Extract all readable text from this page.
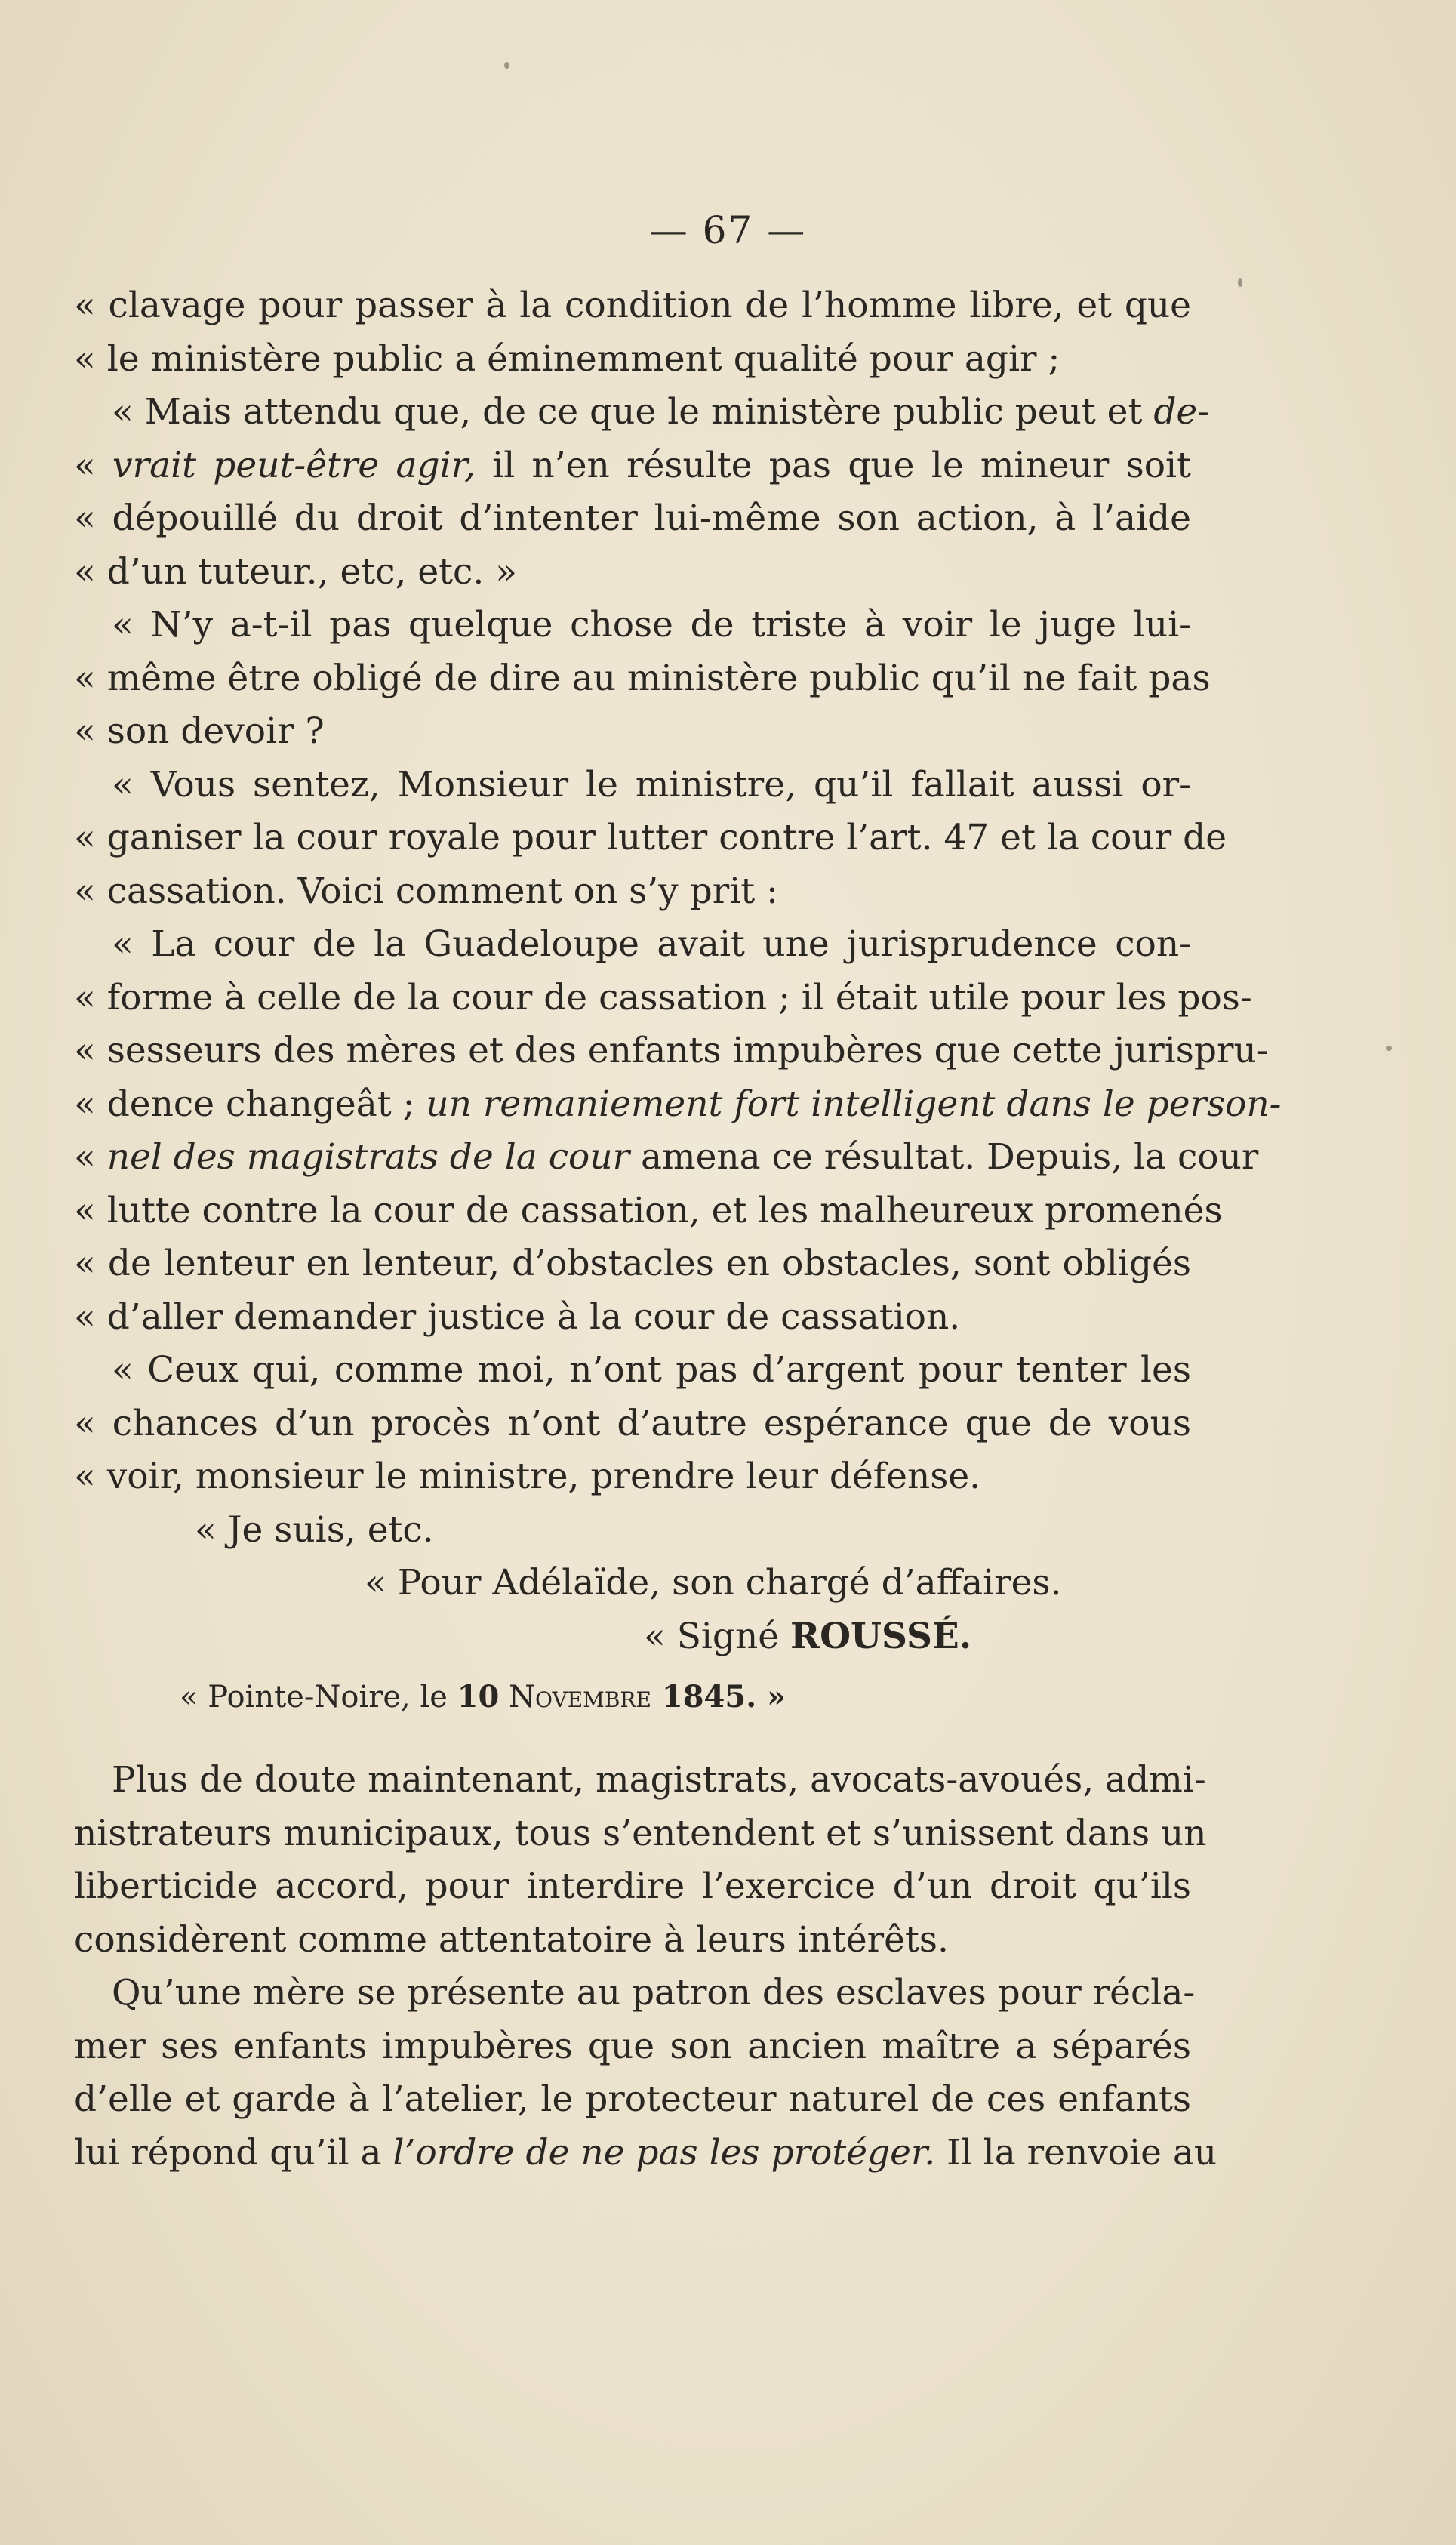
— 67 —
« clavage pour passer à la condition de l’homme libre, et que
« le ministère public a éminemment qualité pour agir ;
« Mais attendu que, de ce que le ministère public peut et de-
« vrait peut-être agir, il n’en résulte pas que le mineur soit
« dépouillé du droit d’intenter lui-même son action, à l’aide
« d’un tuteur., etc, etc. »
« N’y a-t-il pas quelque chose de triste à voir le juge lui-
« même être obligé de dire au ministère public qu’il ne fait pas
« son devoir ?
« Vous sentez, Monsieur le ministre, qu’il fallait aussi or-
« ganiser la cour royale pour lutter contre l’art. 47 et la cour de
« cassation. Voici comment on s’y prit :
« La cour de la Guadeloupe avait une jurisprudence con-
« forme à celle de la cour de cassation ; il était utile pour les pos-
« sesseurs des mères et des enfants impubères que cette jurispru-
« dence changeât ; un remaniement fort intelligent dans le person-
« nel des magistrats de la cour amena ce résultat. Depuis, la cour
« lutte contre la cour de cassation, et les malheureux promenés
« de lenteur en lenteur, d’obstacles en obstacles, sont obligés
« d’aller demander justice à la cour de cassation.
« Ceux qui, comme moi, n’ont pas d’argent pour tenter les
« chances d’un procès n’ont d’autre espérance que de vous
« voir, monsieur le ministre, prendre leur défense.
« Je suis, etc.
« Pour Adélaïde, son chargé d’affaires.
« Signé ROUSSÉ.
« Pointe-Noire, le 10 Novembre 1845. »
Plus de doute maintenant, magistrats, avocats-avoués, admi-
nistrateurs municipaux, tous s’entendent et s’unissent dans un
liberticide accord, pour interdire l’exercice d’un droit qu’ils
considèrent comme attentatoire à leurs intérêts.
Qu’une mère se présente au patron des esclaves pour récla-
mer ses enfants impubères que son ancien maître a séparés
d’elle et garde à l’atelier, le protecteur naturel de ces enfants
lui répond qu’il a l’ordre de ne pas les protéger. Il la renvoie au
